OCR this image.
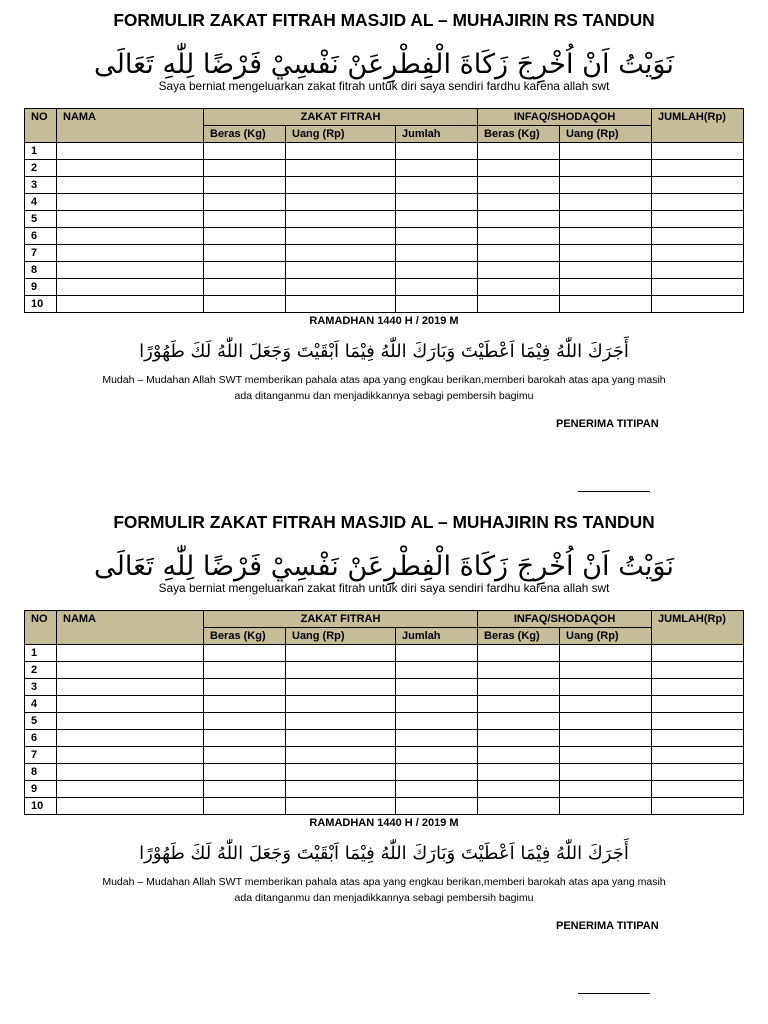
FORMULIR ZAKAT FITRAH MASJID AL – MUHAJIRIN RS TANDUN
نَوَيْتُ اَنْ اُخْرِجَ زَكَاةَ الْفِطْرِعَنْ نَفْسِيْ فَرْضًا لِلّٰهِ تَعَالَى

Saya berniat mengeluarkan zakat fitrah untuk diri saya sendiri fardhu karena allah swt

NO	NAMA	ZAKAT FITRAH			INFAQ/SHODAQOH		JUMLAH(Rp)
		Beras (Kg)	Uang (Rp)	Jumlah	Beras (Kg)	Uang (Rp)	
1							
2							
3							
4							
5							
6							
7							
8							
9							
10							

RAMADHAN 1440 H / 2019 M

أَجَرَكَ اللّٰهُ فِيْمَا اَعْطَيْتَ وَبَارَكَ اللّٰهُ فِيْمَا اَبْقَيْتَ وَجَعَلَ اللّٰهُ لَكَ طَهُوْرًا

Mudah – Mudahan Allah SWT memberikan pahala atas apa yang engkau berikan,memberi barokah atas apa yang masih

ada ditanganmu dan menjadikkannya sebagi pembersih bagimu

PENERIMA TITIPAN

FORMULIR ZAKAT FITRAH MASJID AL – MUHAJIRIN RS TANDUN
نَوَيْتُ اَنْ اُخْرِجَ زَكَاةَ الْفِطْرِعَنْ نَفْسِيْ فَرْضًا لِلّٰهِ تَعَالَى

Saya berniat mengeluarkan zakat fitrah untuk diri saya sendiri fardhu karena allah swt

NO	NAMA	ZAKAT FITRAH			INFAQ/SHODAQOH		JUMLAH(Rp)
		Beras (Kg)	Uang (Rp)	Jumlah	Beras (Kg)	Uang (Rp)	
1							
2							
3							
4							
5							
6							
7							
8							
9							
10							

RAMADHAN 1440 H / 2019 M

أَجَرَكَ اللّٰهُ فِيْمَا اَعْطَيْتَ وَبَارَكَ اللّٰهُ فِيْمَا اَبْقَيْتَ وَجَعَلَ اللّٰهُ لَكَ طَهُوْرًا

Mudah – Mudahan Allah SWT memberikan pahala atas apa yang engkau berikan,memberi barokah atas apa yang masih

ada ditanganmu dan menjadikkannya sebagi pembersih bagimu

PENERIMA TITIPAN
